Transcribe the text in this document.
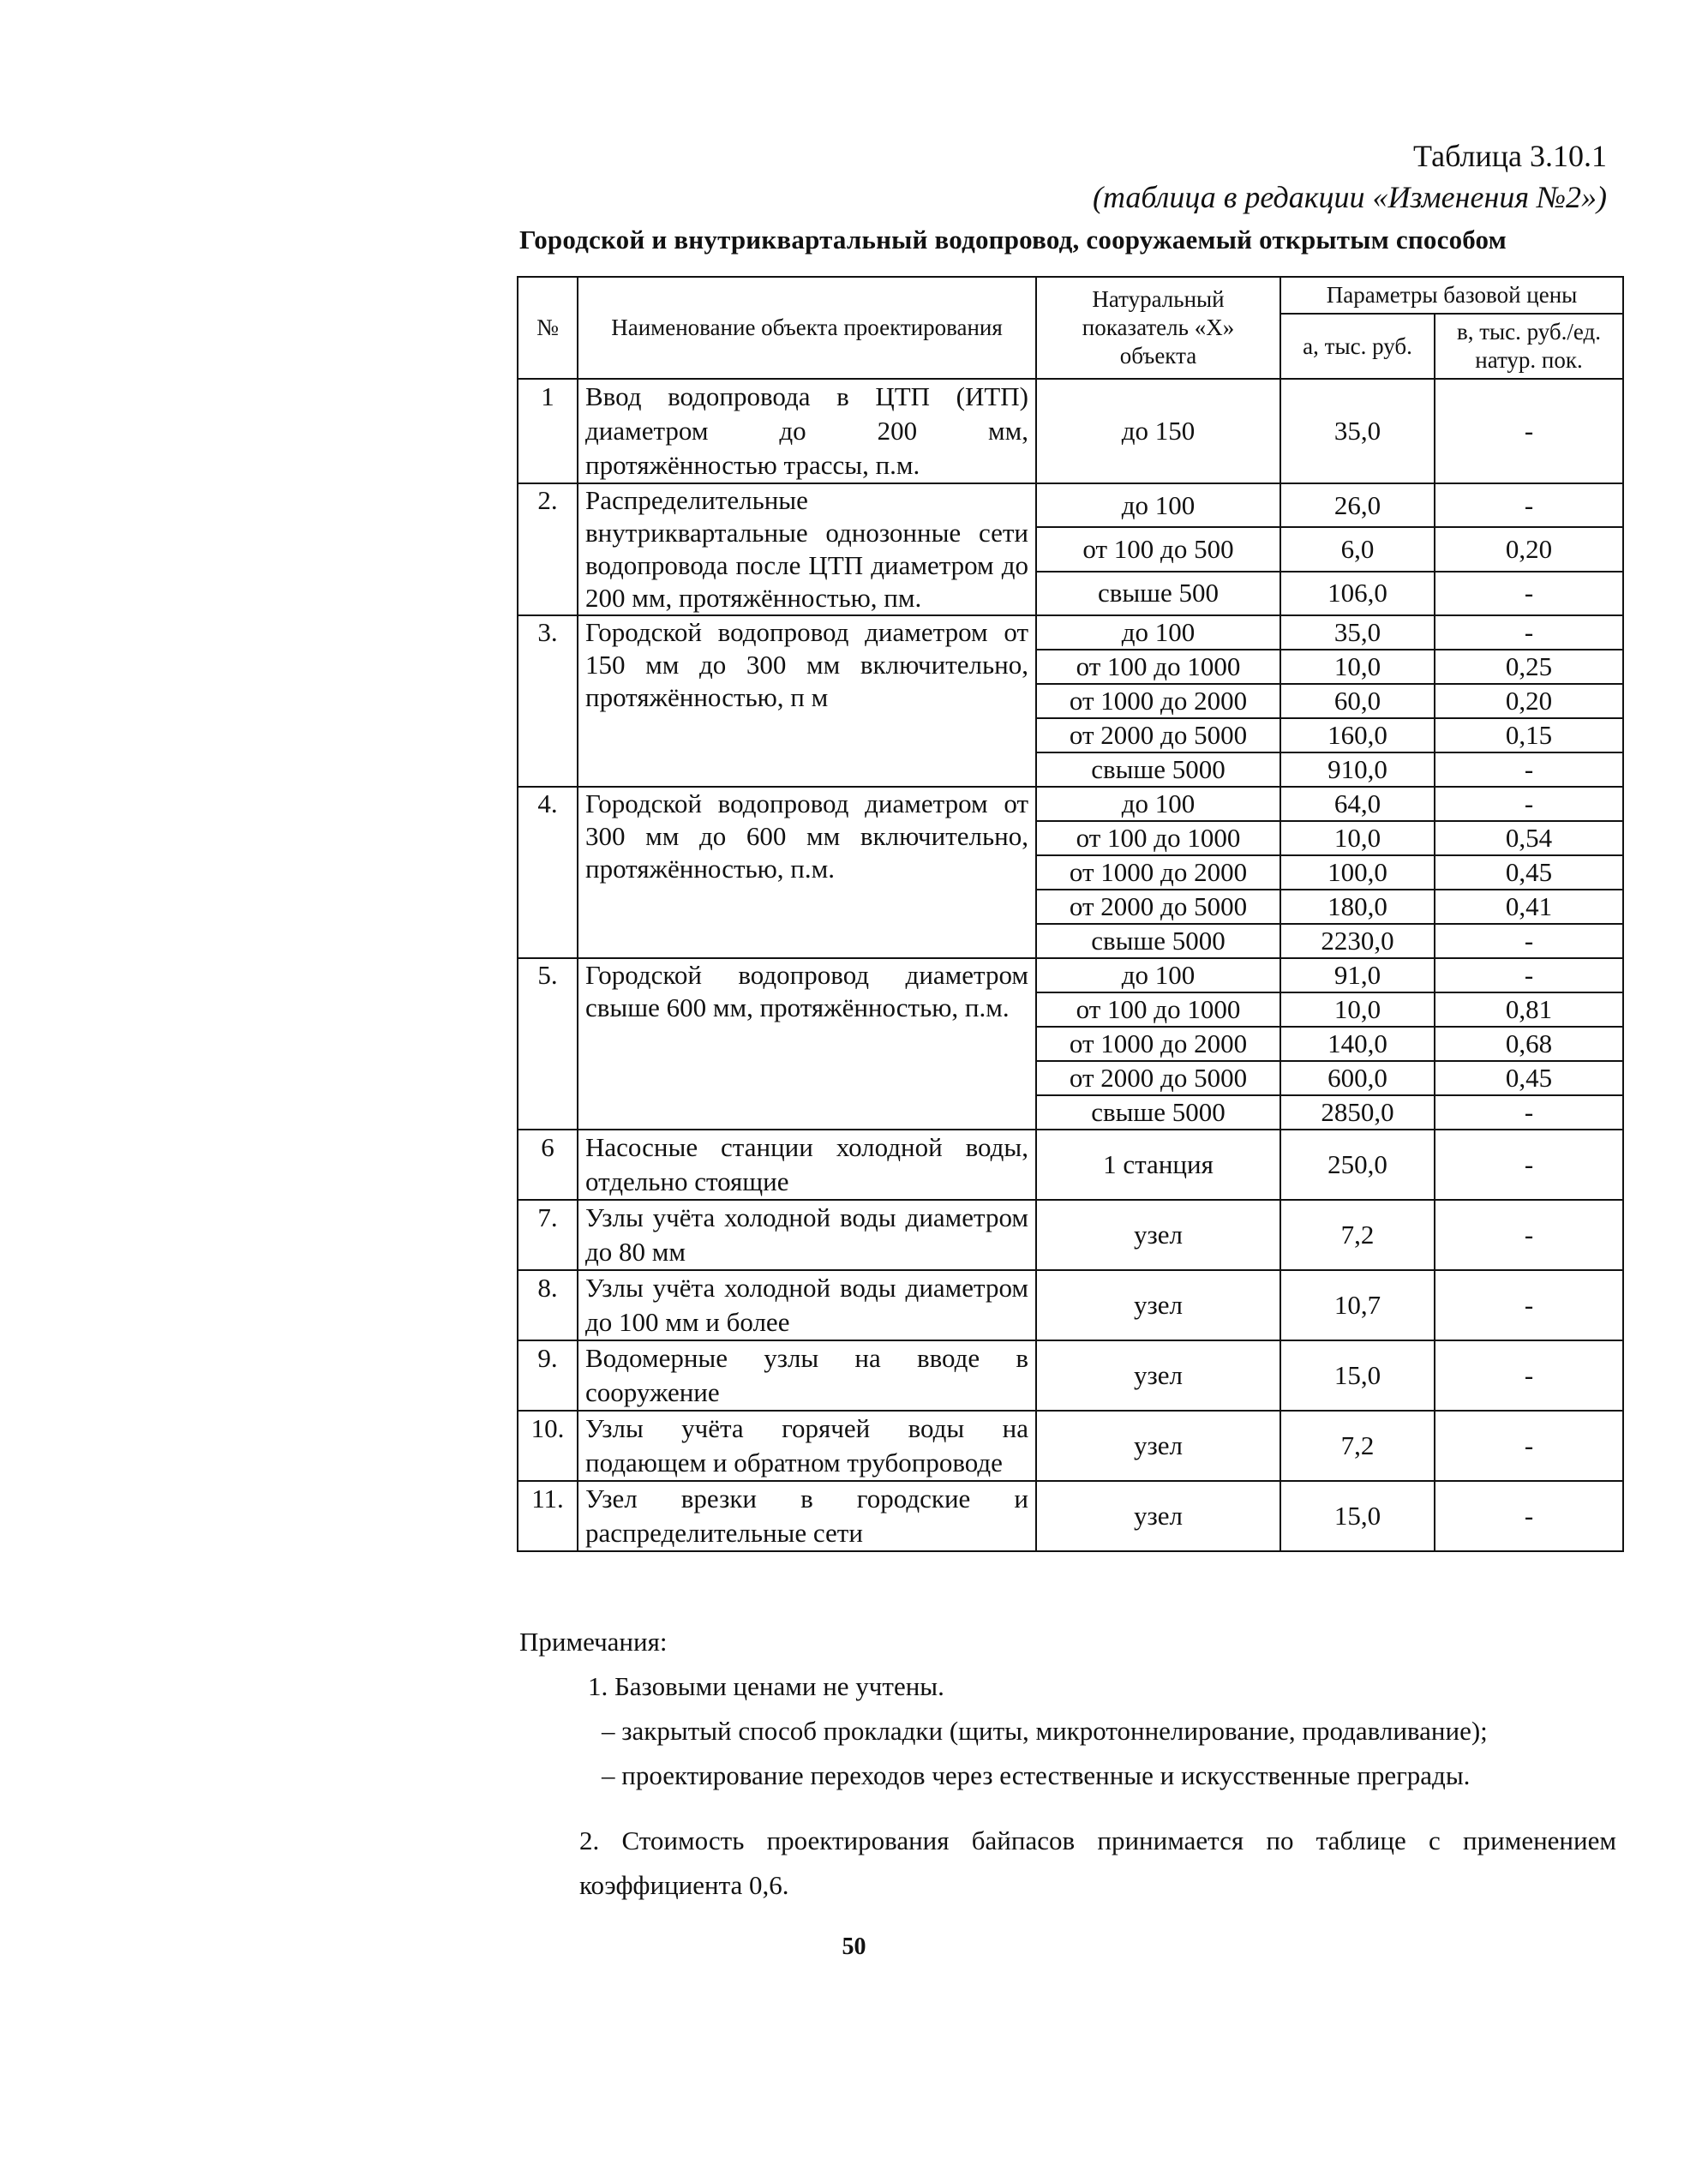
Таблица 3.10.1
(таблица в редакции «Изменения №2»)
Городской и внутриквартальный водопровод, сооружаемый открытым способом
№	Наименование объекта проектирования	Натуральный показатель «Х» объекта	Параметры базовой цены	
			а, тыс. руб.	в, тыс. руб./ед. натур. пок.
1	Ввод водопровода в ЦТП (ИТП) диаметром до 200 мм, протяжённостью трассы, п.м.	до 150	35,0	-
2.	Распределительные внутриквартальные однозонные сети водопровода после ЦТП диаметром до 200 мм, протяжённостью, пм.	до 100	26,0	-
		от 100 до 500	6,0	0,20
		свыше 500	106,0	-
3.	Городской водопровод диаметром от 150 мм до 300 мм включительно, протяжённостью, п м	до 100	35,0	-
		от 100 до 1000	10,0	0,25
		от 1000 до 2000	60,0	0,20
		от 2000 до 5000	160,0	0,15
		свыше 5000	910,0	-
4.	Городской водопровод диаметром от 300 мм до 600 мм включительно, протяжённостью, п.м.	до 100	64,0	-
		от 100 до 1000	10,0	0,54
		от 1000 до 2000	100,0	0,45
		от 2000 до 5000	180,0	0,41
		свыше 5000	2230,0	-
5.	Городской водопровод диаметром свыше 600 мм, протяжённостью, п.м.	до 100	91,0	-
		от 100 до 1000	10,0	0,81
		от 1000 до 2000	140,0	0,68
		от 2000 до 5000	600,0	0,45
		свыше 5000	2850,0	-
6	Насосные станции холодной воды, отдельно стоящие	1 станция	250,0	-
7.	Узлы учёта холодной воды диаметром до 80 мм	узел	7,2	-
8.	Узлы учёта холодной воды диаметром до 100 мм и более	узел	10,7	-
9.	Водомерные узлы на вводе в сооружение	узел	15,0	-
10.	Узлы учёта горячей воды на подающем и обратном трубопроводе	узел	7,2	-
11.	Узел врезки в городские и распределительные сети	узел	15,0	-

Примечания:

1. Базовыми ценами не учтены.

– закрытый способ прокладки (щиты, микротоннелирование, продавливание);

– проектирование переходов через естественные и искусственные преграды.

2. Стоимость проектирования байпасов принимается по таблице с применением коэффициента 0,6.

50
